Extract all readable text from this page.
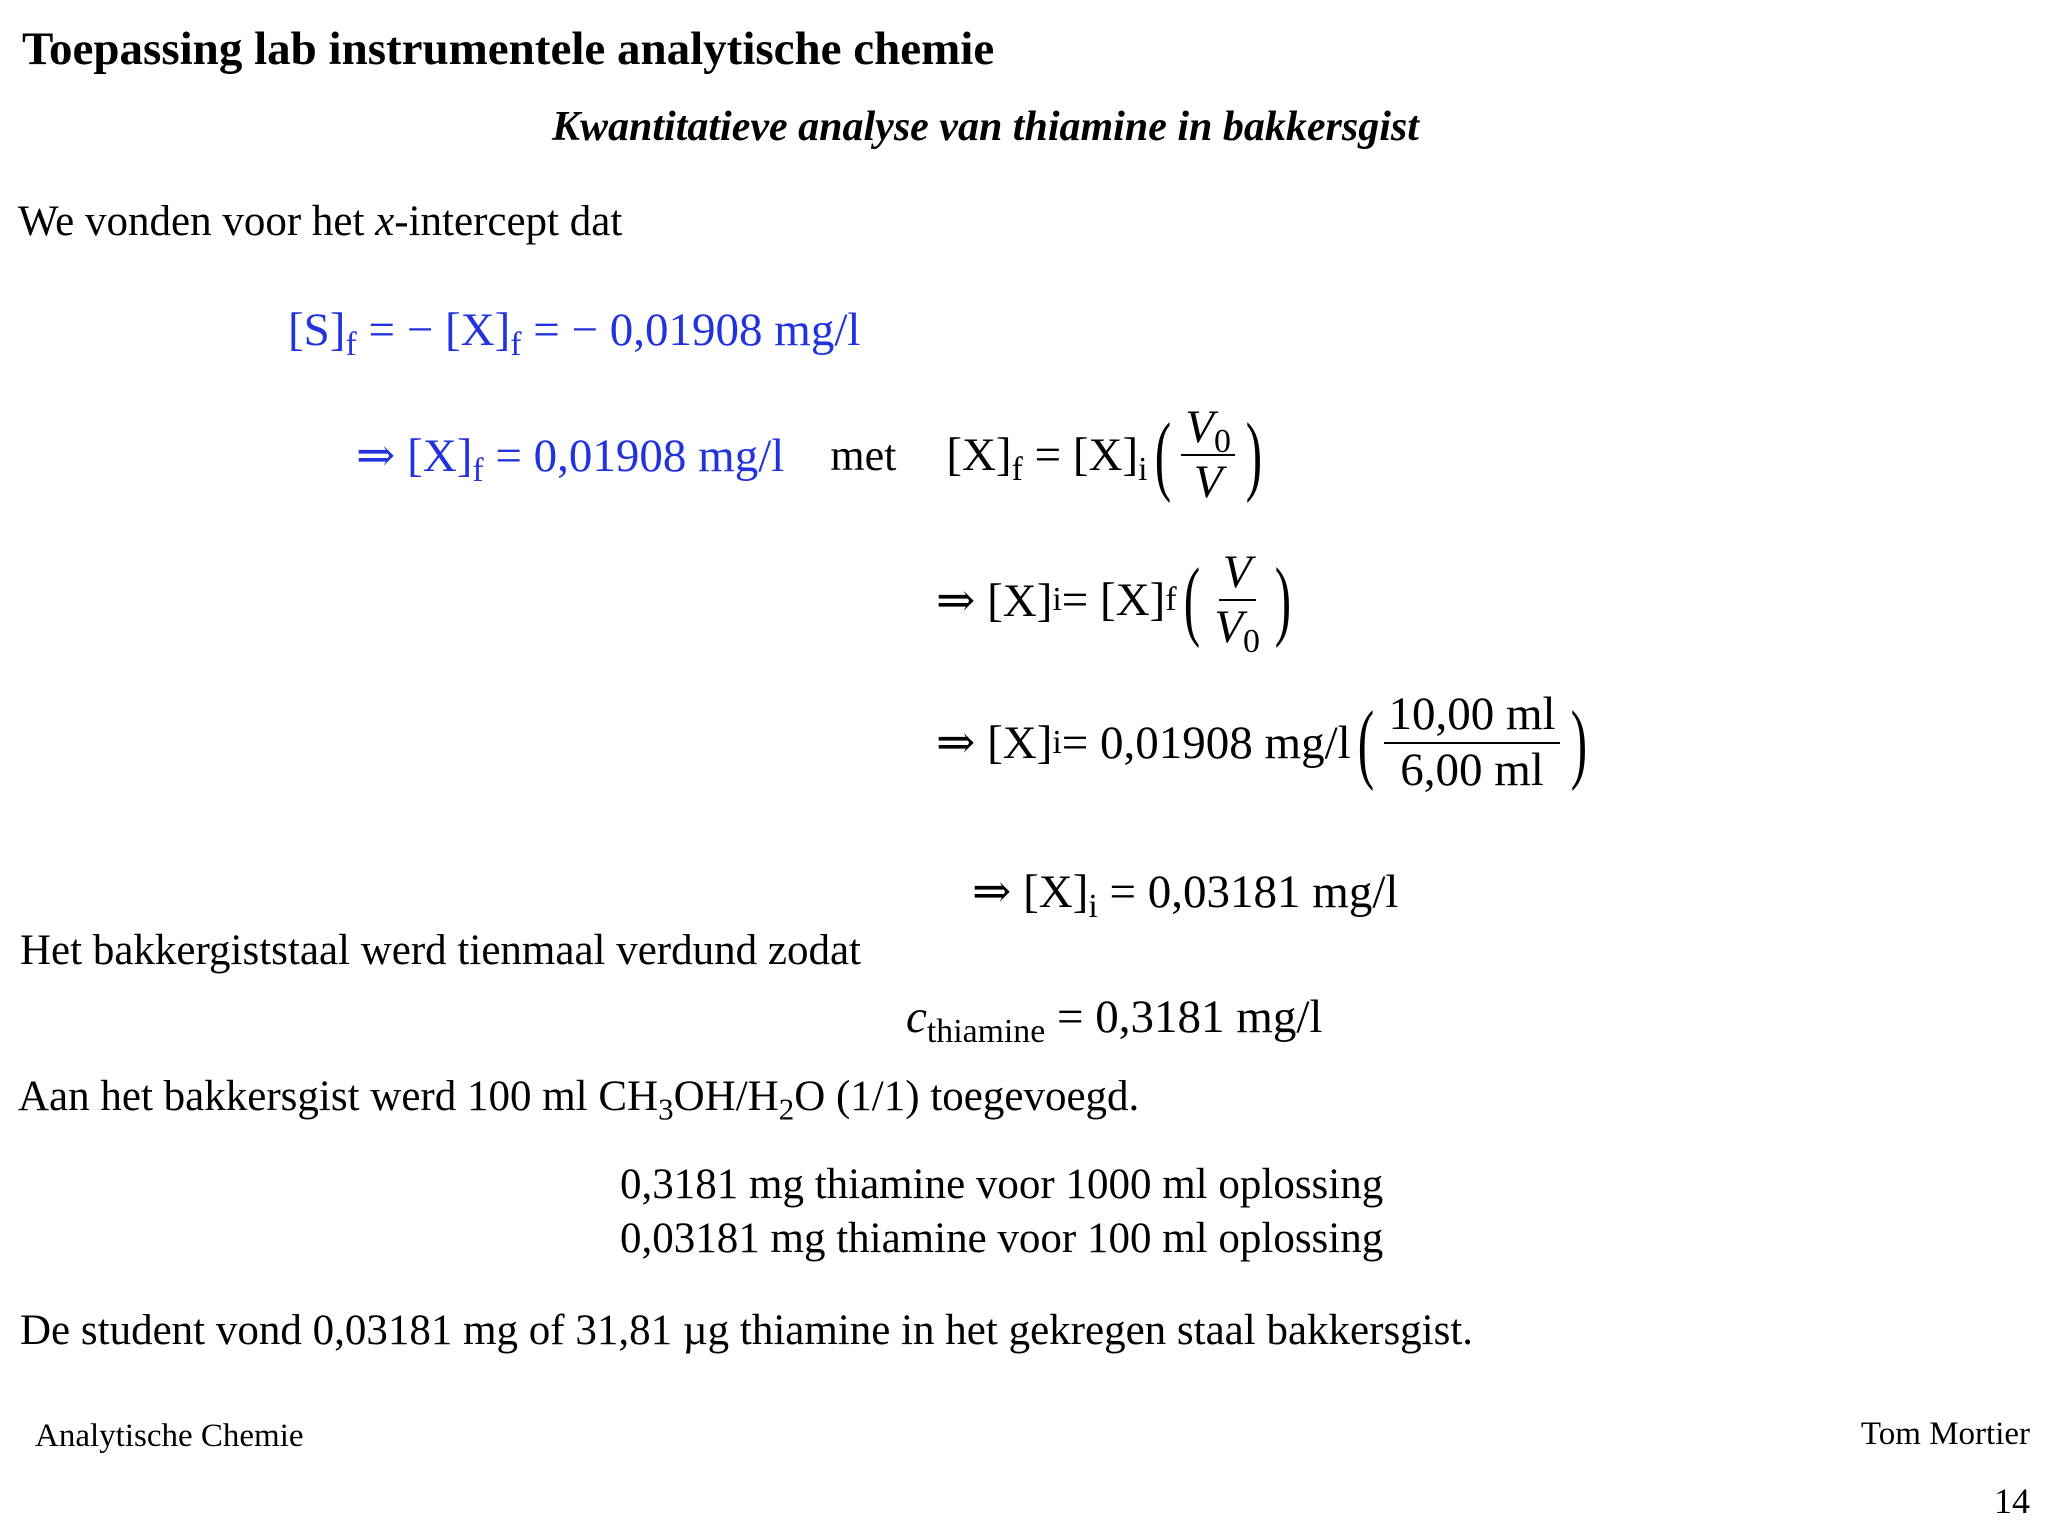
Toepassing lab instrumentele analytische chemie
Kwantitatieve analyse van thiamine in bakkersgist
We vonden voor het x-intercept dat
$[S]_f$ = − $[X]_f$ = − 0,01908 mg/l
⇒ $[X]_f = 0,01908$ mg/l met $[X]_f = [X]_i$ ( $\frac{V_0}{V}$ )
⇒ [X] i = [X] f ( $\frac{V}{V_0}$ )
⇒ [X] i = 0,01908 mg/l ( $\frac{10,00 ml}{6,00 ml}$ )
⇒ $[X]_i = 0,03181$ mg/l
Het bakkergiststaal werd tienmaal verdund zodat
$c_{thiamine} = 0,3181$ mg/l
Aan het bakkersgist werd 100 ml $CH_3OH/H_2O$ (1/1) toegevoegd.
0,3181 mg thiamine voor 1000 ml oplossing
0,03181 mg thiamine voor 100 ml oplossing
De student vond 0,03181 mg of 31,81 µg thiamine in het gekregen staal bakkersgist.
Analytische Chemie	Tom Mortier
14
